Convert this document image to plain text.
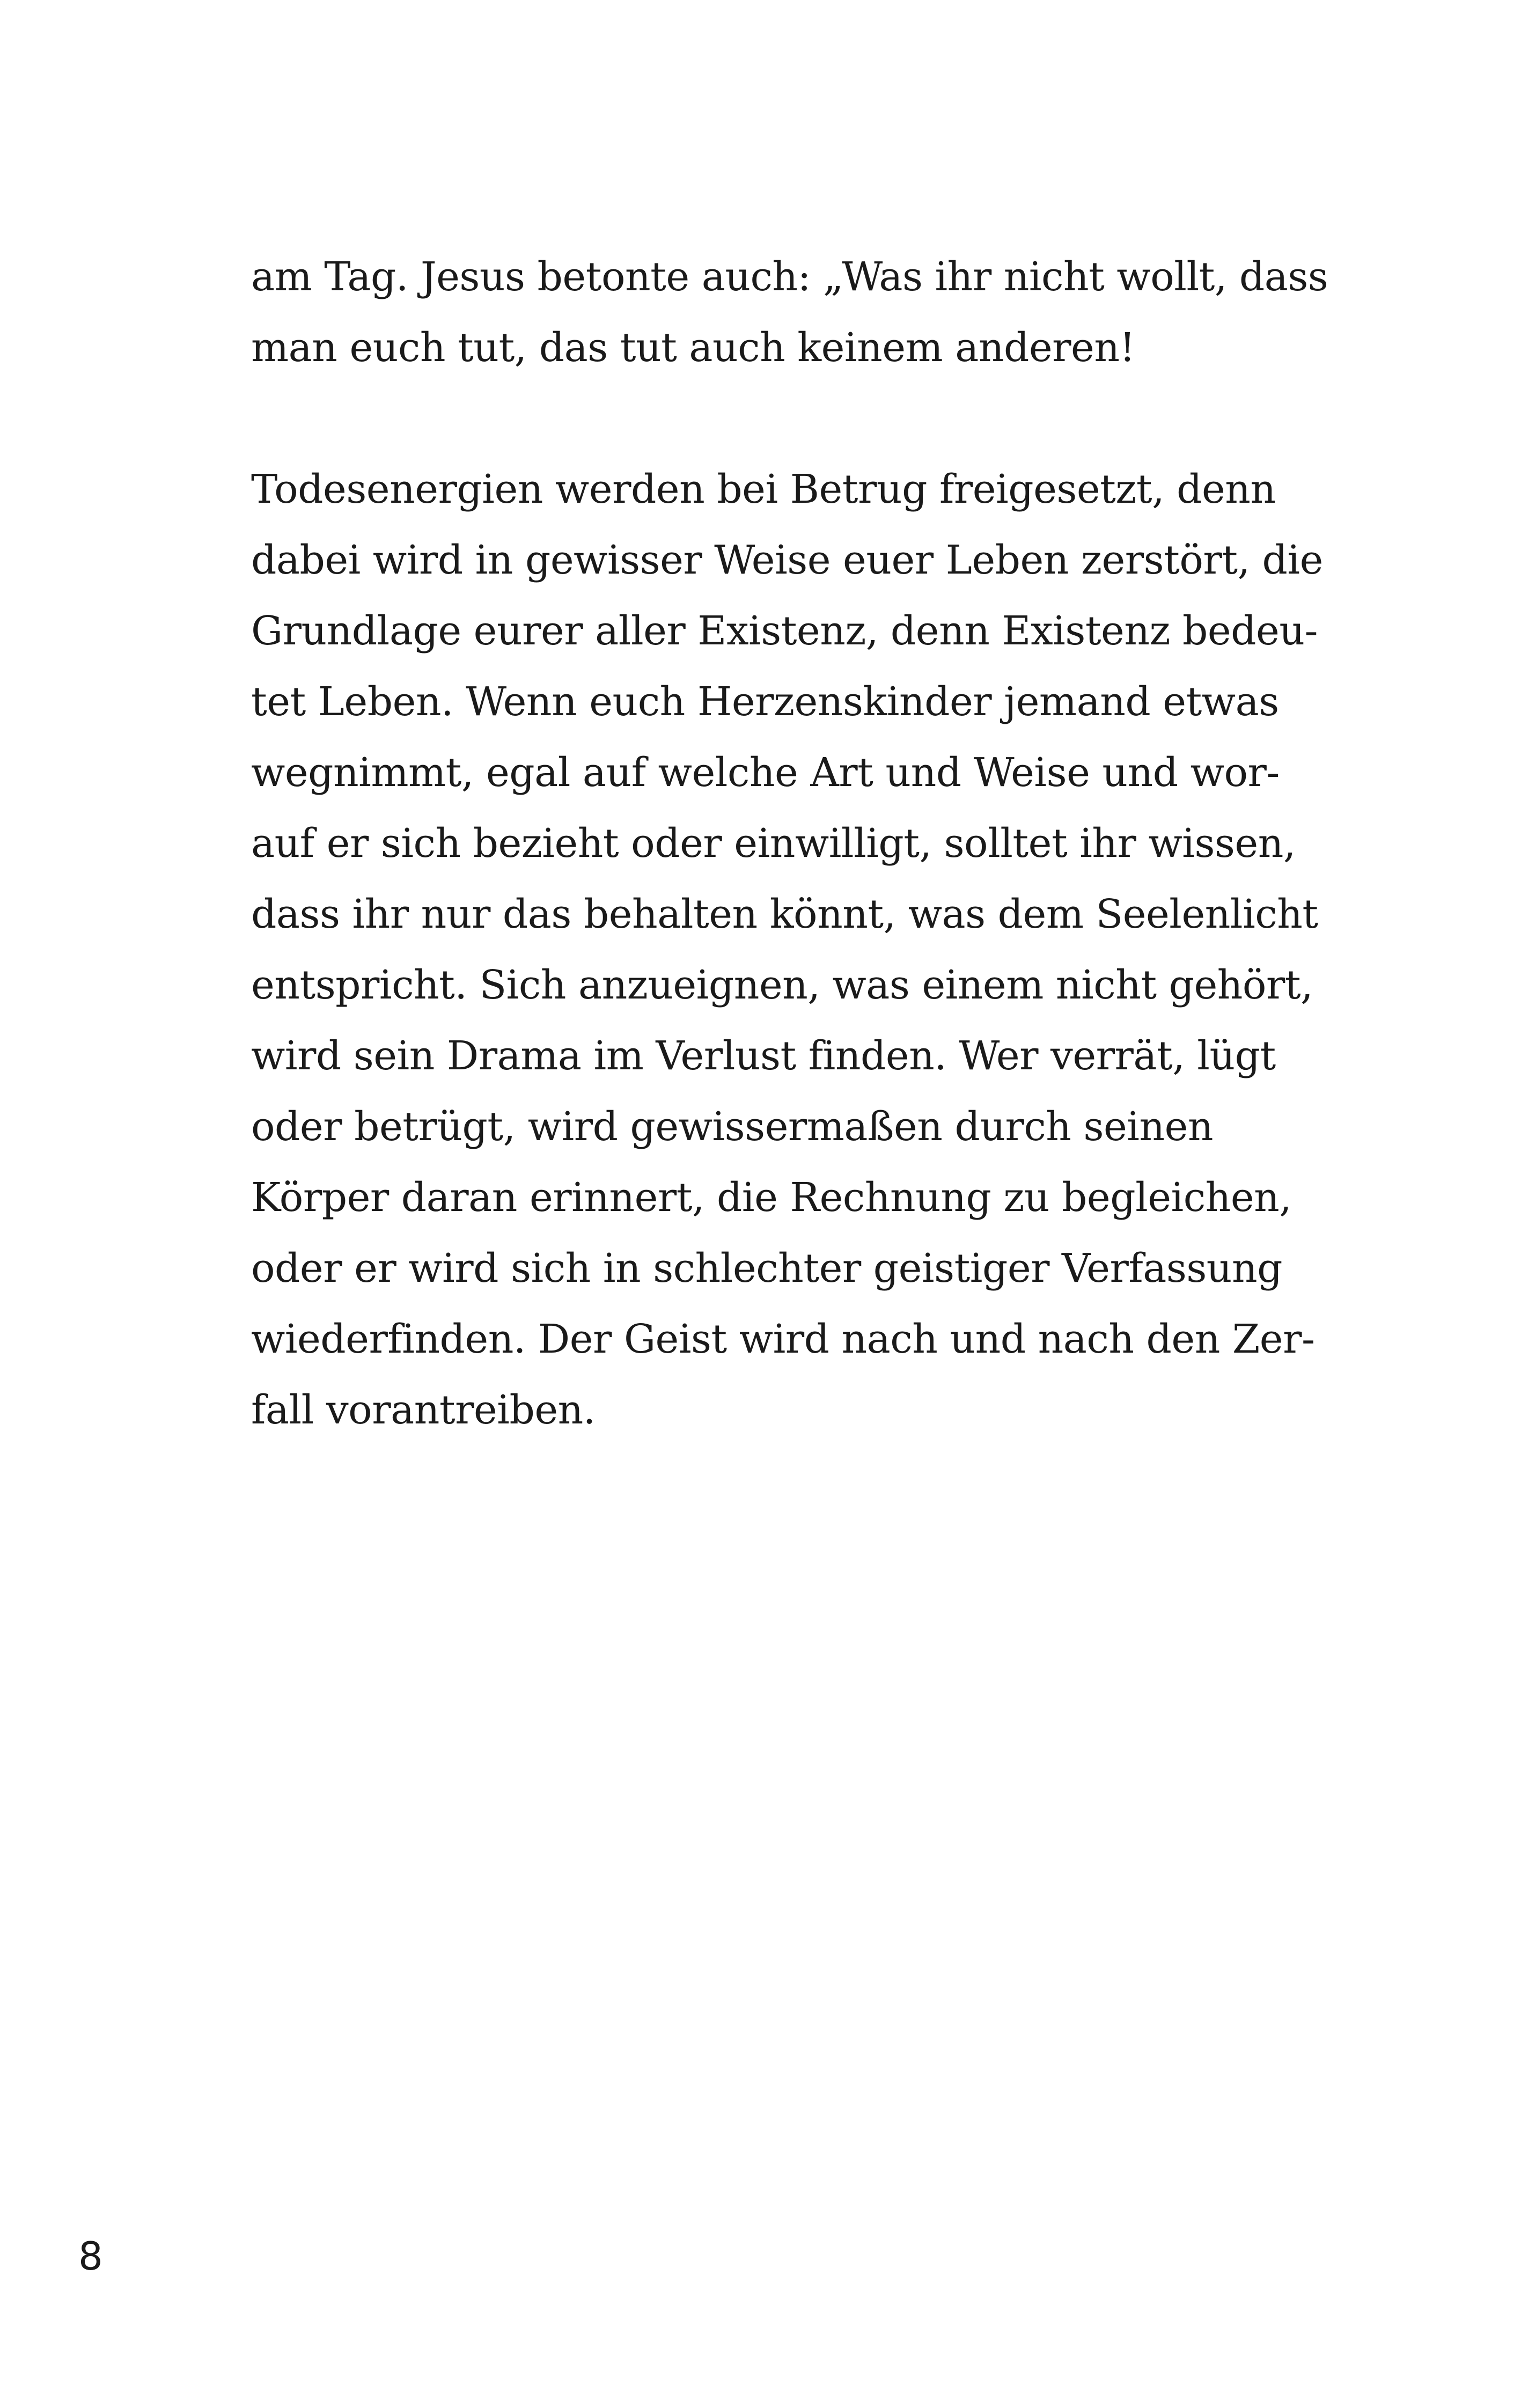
am Tag. Jesus betonte auch: „Was ihr nicht wollt, dass
man euch tut, das tut auch keinem anderen!
Todesenergien werden bei Betrug freigesetzt, denn
dabei wird in gewisser Weise euer Leben zerstört, die
Grundlage eurer aller Existenz, denn Existenz bedeu-
tet Leben. Wenn euch Herzenskinder jemand etwas
wegnimmt, egal auf welche Art und Weise und wor-
auf er sich bezieht oder einwilligt, solltet ihr wissen,
dass ihr nur das behalten könnt, was dem Seelenlicht
entspricht. Sich anzueignen, was einem nicht gehört,
wird sein Drama im Verlust finden. Wer verrät, lügt
oder betrügt, wird gewissermaßen durch seinen
Körper daran erinnert, die Rechnung zu begleichen,
oder er wird sich in schlechter geistiger Verfassung
wiederfinden. Der Geist wird nach und nach den Zer-
fall vorantreiben.
8
